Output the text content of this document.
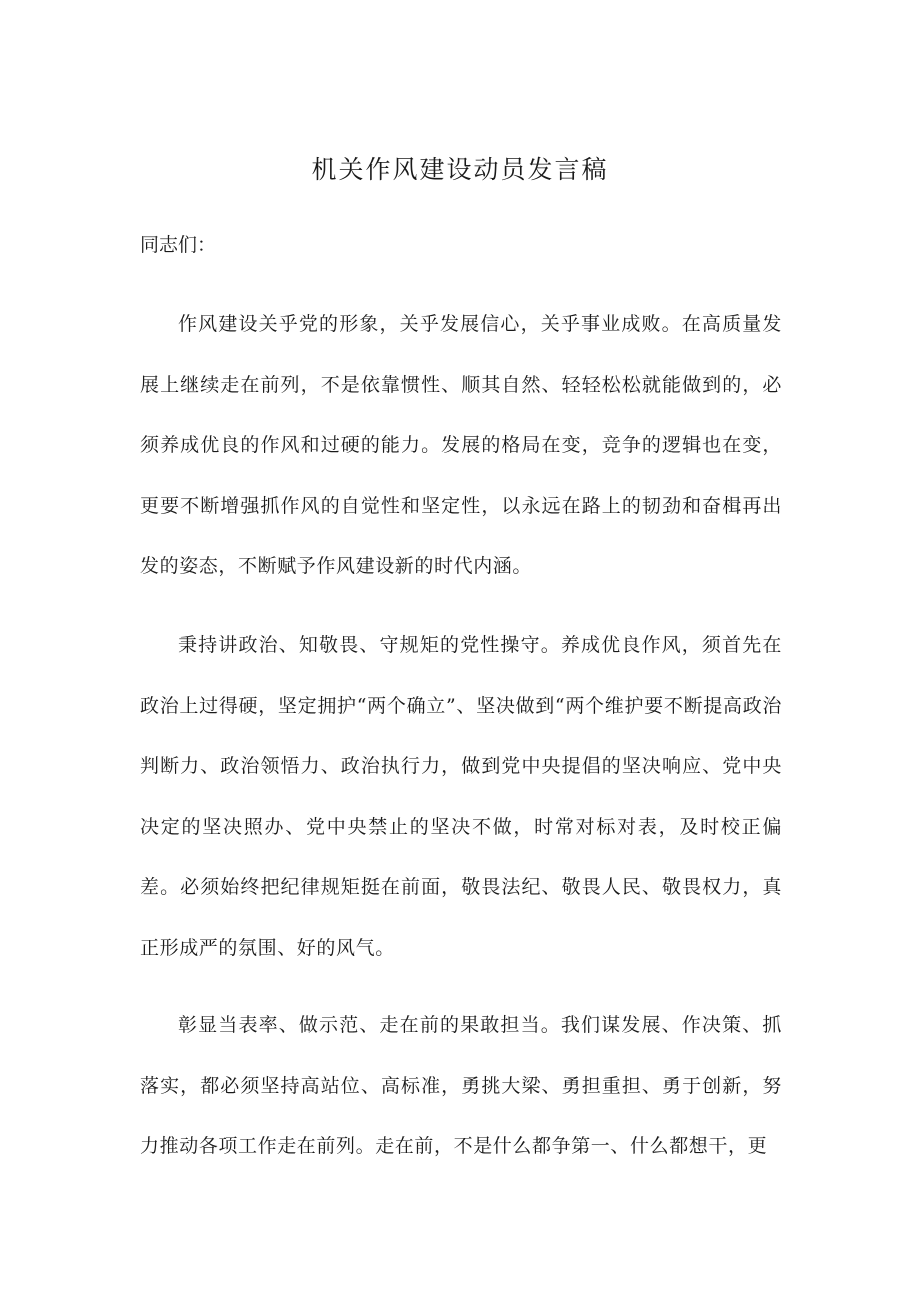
机关作风建设动员发言稿
同志们：

作风建设关乎党的形象，关乎发展信心，关乎事业成败。在高质量发展上继续走在前列，不是依靠惯性、顺其自然、轻轻松松就能做到的，必须养成优良的作风和过硬的能力。发展的格局在变，竞争的逻辑也在变，更要不断增强抓作风的自觉性和坚定性，以永远在路上的韧劲和奋楫再出发的姿态，不断赋予作风建设新的时代内涵。

秉持讲政治、知敬畏、守规矩的党性操守。养成优良作风，须首先在政治上过得硬，坚定拥护“两个确立”、坚决做到“两个维护要不断提高政治判断力、政治领悟力、政治执行力，做到党中央提倡的坚决响应、党中央决定的坚决照办、党中央禁止的坚决不做，时常对标对表，及时校正偏差。必须始终把纪律规矩挺在前面，敬畏法纪、敬畏人民、敬畏权力，真正形成严的氛围、好的风气。

彰显当表率、做示范、走在前的果敢担当。我们谋发展、作决策、抓落实，都必须坚持高站位、高标准，勇挑大梁、勇担重担、勇于创新，努力推动各项工作走在前列。走在前，不是什么都争第一、什么都想干，更
